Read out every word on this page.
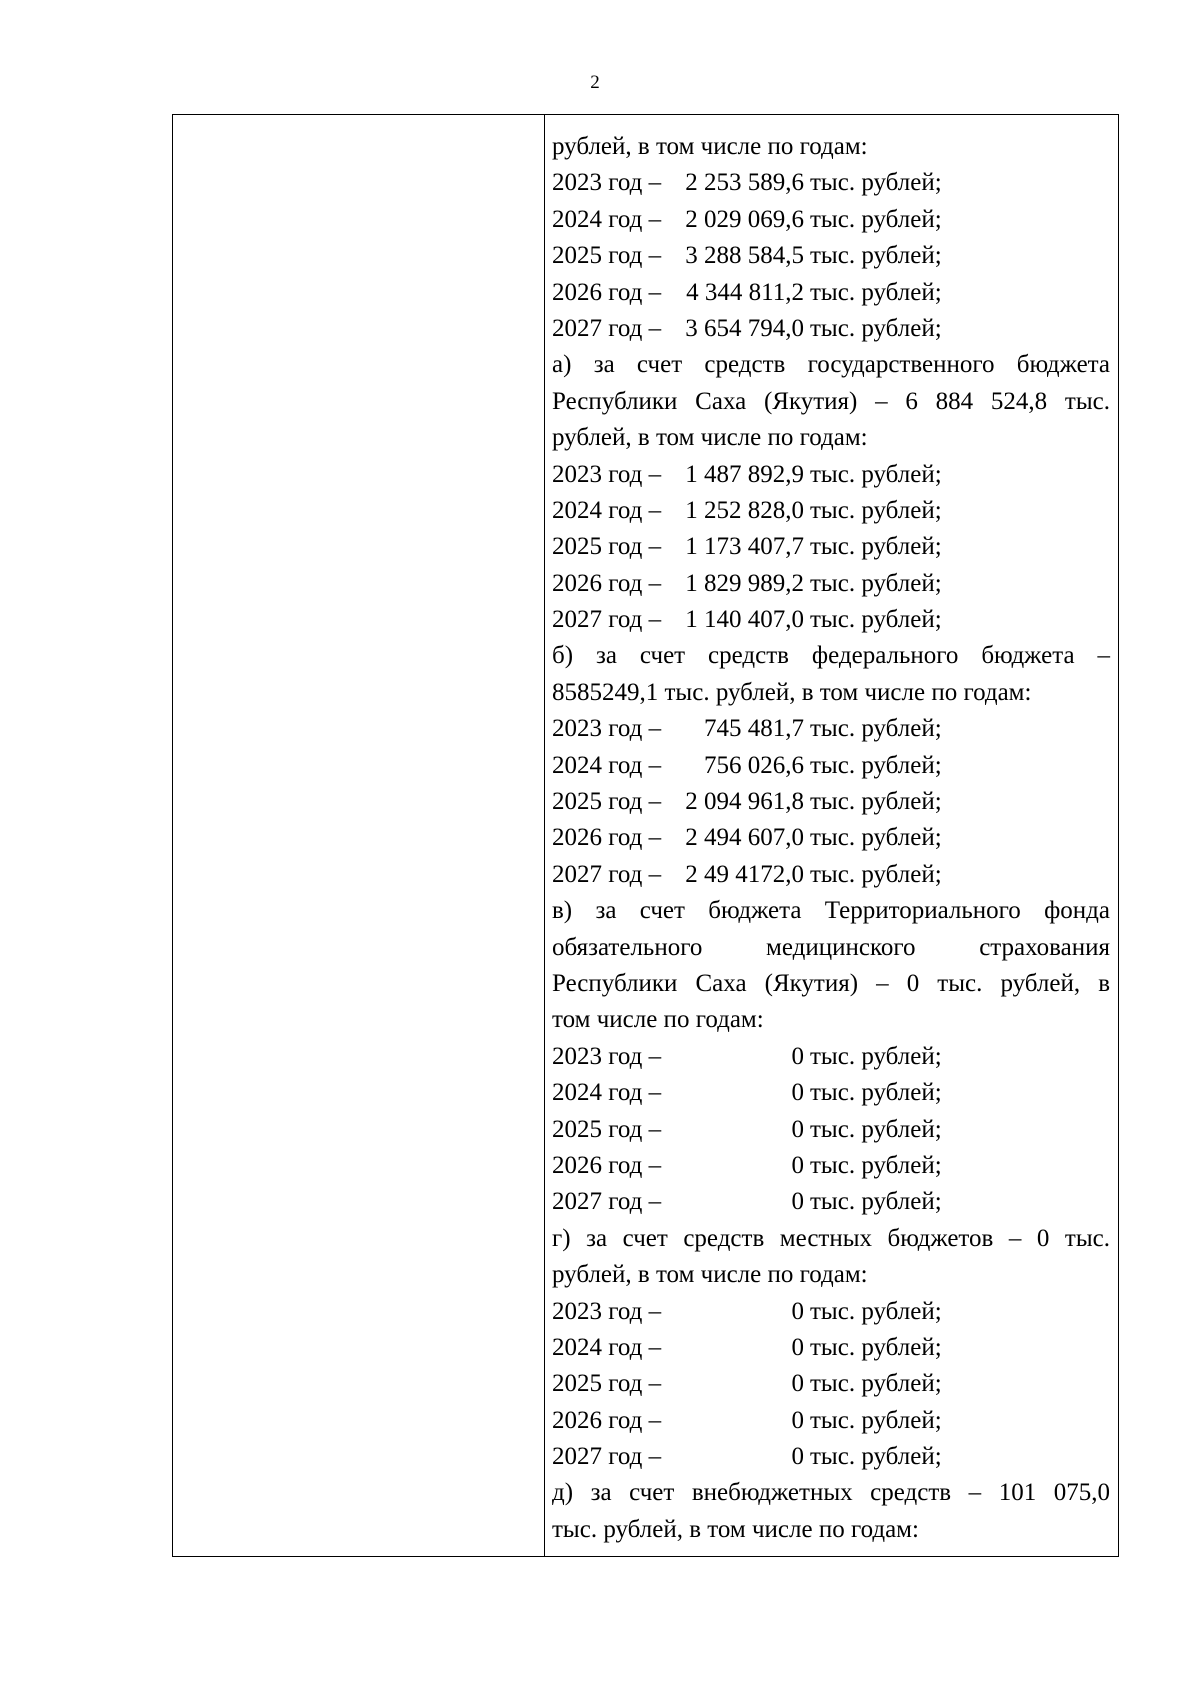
2
рублей, в том числе по годам:
2023 год – 2 253 589,6 тыс. рублей;
2024 год – 2 029 069,6 тыс. рублей;
2025 год – 3 288 584,5 тыс. рублей;
2026 год – 4 344 811,2 тыс. рублей;
2027 год – 3 654 794,0 тыс. рублей;
а) за счет средств государственного бюджета
Республики Саха (Якутия) – 6 884 524,8 тыс.
рублей, в том числе по годам:
2023 год – 1 487 892,9 тыс. рублей;
2024 год – 1 252 828,0 тыс. рублей;
2025 год – 1 173 407,7 тыс. рублей;
2026 год – 1 829 989,2 тыс. рублей;
2027 год – 1 140 407,0 тыс. рублей;
б) за счет средств федерального бюджета –
8585249,1 тыс. рублей, в том числе по годам:
2023 год – 745 481,7 тыс. рублей;
2024 год – 756 026,6 тыс. рублей;
2025 год – 2 094 961,8 тыс. рублей;
2026 год – 2 494 607,0 тыс. рублей;
2027 год – 2 49 4172,0 тыс. рублей;
в) за счет бюджета Территориального фонда
обязательного медицинского страхования
Республики Саха (Якутия) – 0 тыс. рублей, в
том числе по годам:
2023 год –	0 тыс. рублей;
2024 год –	0 тыс. рублей;
2025 год –	0 тыс. рублей;
2026 год –	0 тыс. рублей;
2027 год –	0 тыс. рублей;
г) за счет средств местных бюджетов – 0 тыс.
рублей, в том числе по годам:
2023 год –	0 тыс. рублей;
2024 год –	0 тыс. рублей;
2025 год –	0 тыс. рублей;
2026 год –	0 тыс. рублей;
2027 год –	0 тыс. рублей;
д) за счет внебюджетных средств – 101 075,0
тыс. рублей, в том числе по годам:
